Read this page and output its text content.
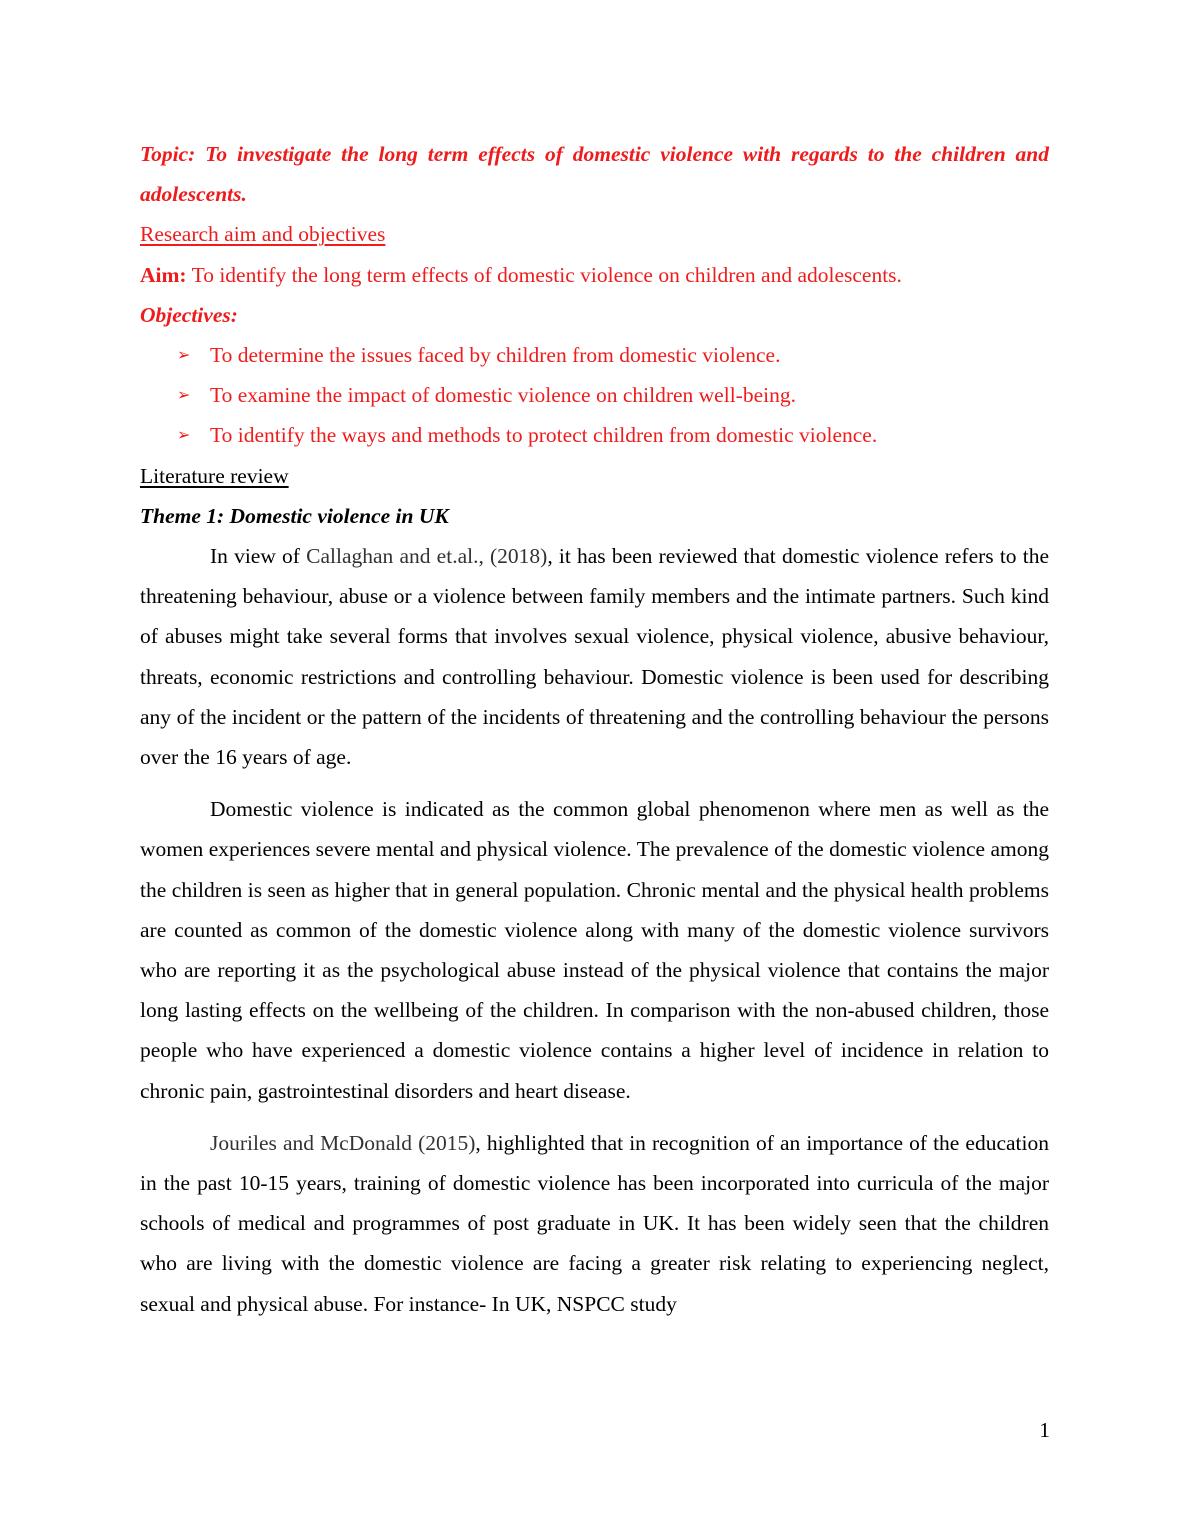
Topic: To investigate the long term effects of domestic violence with regards to the children and adolescents.

Research aim and objectives

Aim: To identify the long term effects of domestic violence on children and adolescents.

Objectives:

➢ To determine the issues faced by children from domestic violence.
➢ To examine the impact of domestic violence on children well-being.
➢ To identify the ways and methods to protect children from domestic violence.

Literature review

Theme 1: Domestic violence in UK

In view of Callaghan and et.al., (2018), it has been reviewed that domestic violence refers to the threatening behaviour, abuse or a violence between family members and the intimate partners. Such kind of abuses might take several forms that involves sexual violence, physical violence, abusive behaviour, threats, economic restrictions and controlling behaviour. Domestic violence is been used for describing any of the incident or the pattern of the incidents of threatening and the controlling behaviour the persons over the 16 years of age.

Domestic violence is indicated as the common global phenomenon where men as well as the women experiences severe mental and physical violence. The prevalence of the domestic violence among the children is seen as higher that in general population. Chronic mental and the physical health problems are counted as common of the domestic violence along with many of the domestic violence survivors who are reporting it as the psychological abuse instead of the physical violence that contains the major long lasting effects on the wellbeing of the children. In comparison with the non-abused children, those people who have experienced a domestic violence contains a higher level of incidence in relation to chronic pain, gastrointestinal disorders and heart disease.

Jouriles and McDonald (2015), highlighted that in recognition of an importance of the education in the past 10-15 years, training of domestic violence has been incorporated into curricula of the major schools of medical and programmes of post graduate in UK. It has been widely seen that the children who are living with the domestic violence are facing a greater risk relating to experiencing neglect, sexual and physical abuse. For instance- In UK, NSPCC study

1
